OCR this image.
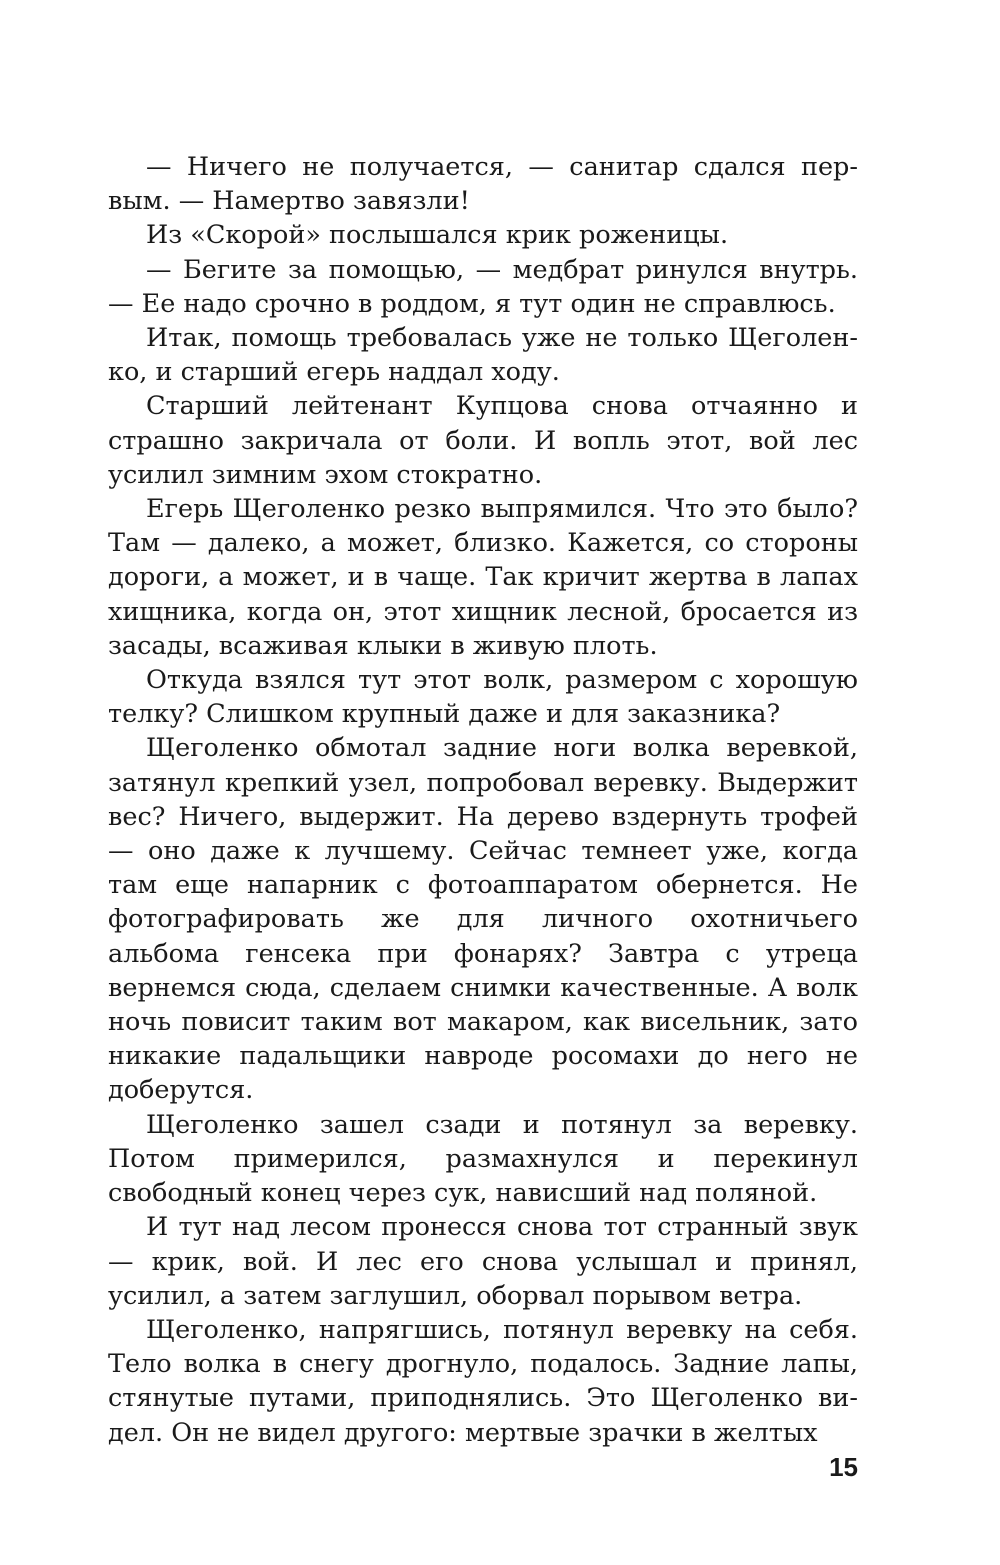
— Ничего не получается, — санитар сдался первым. — Намертво завязли!

Из «Скорой» послышался крик роженицы.

— Бегите за помощью, — медбрат ринулся внутрь. — Ее надо срочно в роддом, я тут один не справлюсь.

Итак, помощь требовалась уже не только Щеголенко, и старший егерь наддал ходу.

Старший лейтенант Купцова снова отчаянно и страшно закричала от боли. И вопль этот, вой лес усилил зимним эхом стократно.

Егерь Щеголенко резко выпрямился. Что это было? Там — далеко, а может, близко. Кажется, со стороны дороги, а может, и в чаще. Так кричит жертва в лапах хищника, когда он, этот хищник лесной, бросается из засады, всаживая клыки в живую плоть.

Откуда взялся тут этот волк, размером с хорошую телку? Слишком крупный даже и для заказника?

Щеголенко обмотал задние ноги волка веревкой, затянул крепкий узел, попробовал веревку. Выдержит вес? Ничего, выдержит. На дерево вздернуть трофей — оно даже к лучшему. Сейчас темнеет уже, когда там еще напарник с фотоаппаратом обернется. Не фотографировать же для личного охотничьего альбома генсека при фонарях? Завтра с утреца вернемся сюда, сделаем снимки качественные. А волк ночь повисит таким вот макаром, как висельник, зато никакие падальщики навроде росомахи до него не доберутся.

Щеголенко зашел сзади и потянул за веревку. Потом примерился, размахнулся и перекинул свободный конец через сук, нависший над поляной.

И тут над лесом пронесся снова тот странный звук — крик, вой. И лес его снова услышал и принял, усилил, а затем заглушил, оборвал порывом ветра.

Щеголенко, напрягшись, потянул веревку на себя. Тело волка в снегу дрогнуло, подалось. Задние лапы, стянутые путами, приподнялись. Это Щеголенко видел. Он не видел другого: мертвые зрачки в желтых

15
